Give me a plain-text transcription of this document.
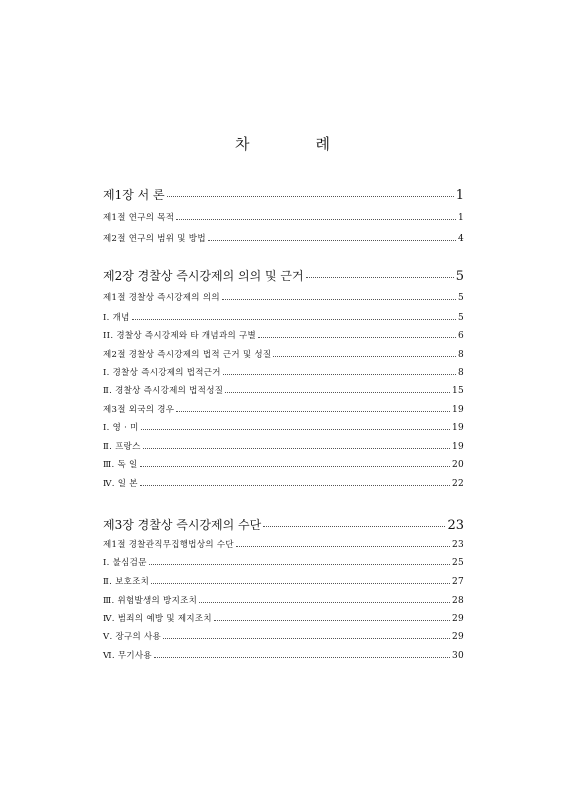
차	례
제1장 서 론	1
제1절 연구의 목적	1
제2절 연구의 범위 및 방법	4
제2장 경찰상 즉시강제의 의의 및 근거	5
제1절 경찰상 즉시강제의 의의	5
I. 개념	5
II. 경찰상 즉시강제와 타 개념과의 구별	6
제2절 경찰상 즉시강제의 법적 근거 및 성질	8
Ⅰ. 경찰상 즉시강제의 법적근거	8
Ⅱ. 경찰상 즉시강제의 법적성질	15
제3절 외국의 경우	19
Ⅰ. 영 · 미	19
Ⅱ. 프랑스	19
Ⅲ. 독 일	20
Ⅳ. 일 본	22
제3장 경찰상 즉시강제의 수단	23
제1절 경찰관직무집행법상의 수단	23
Ⅰ. 불심검문	25
Ⅱ. 보호조치	27
Ⅲ. 위험발생의 방지조치	28
Ⅳ. 범죄의 예방 및 제지조치	29
Ⅴ. 장구의 사용	29
Ⅵ. 무기사용	30
